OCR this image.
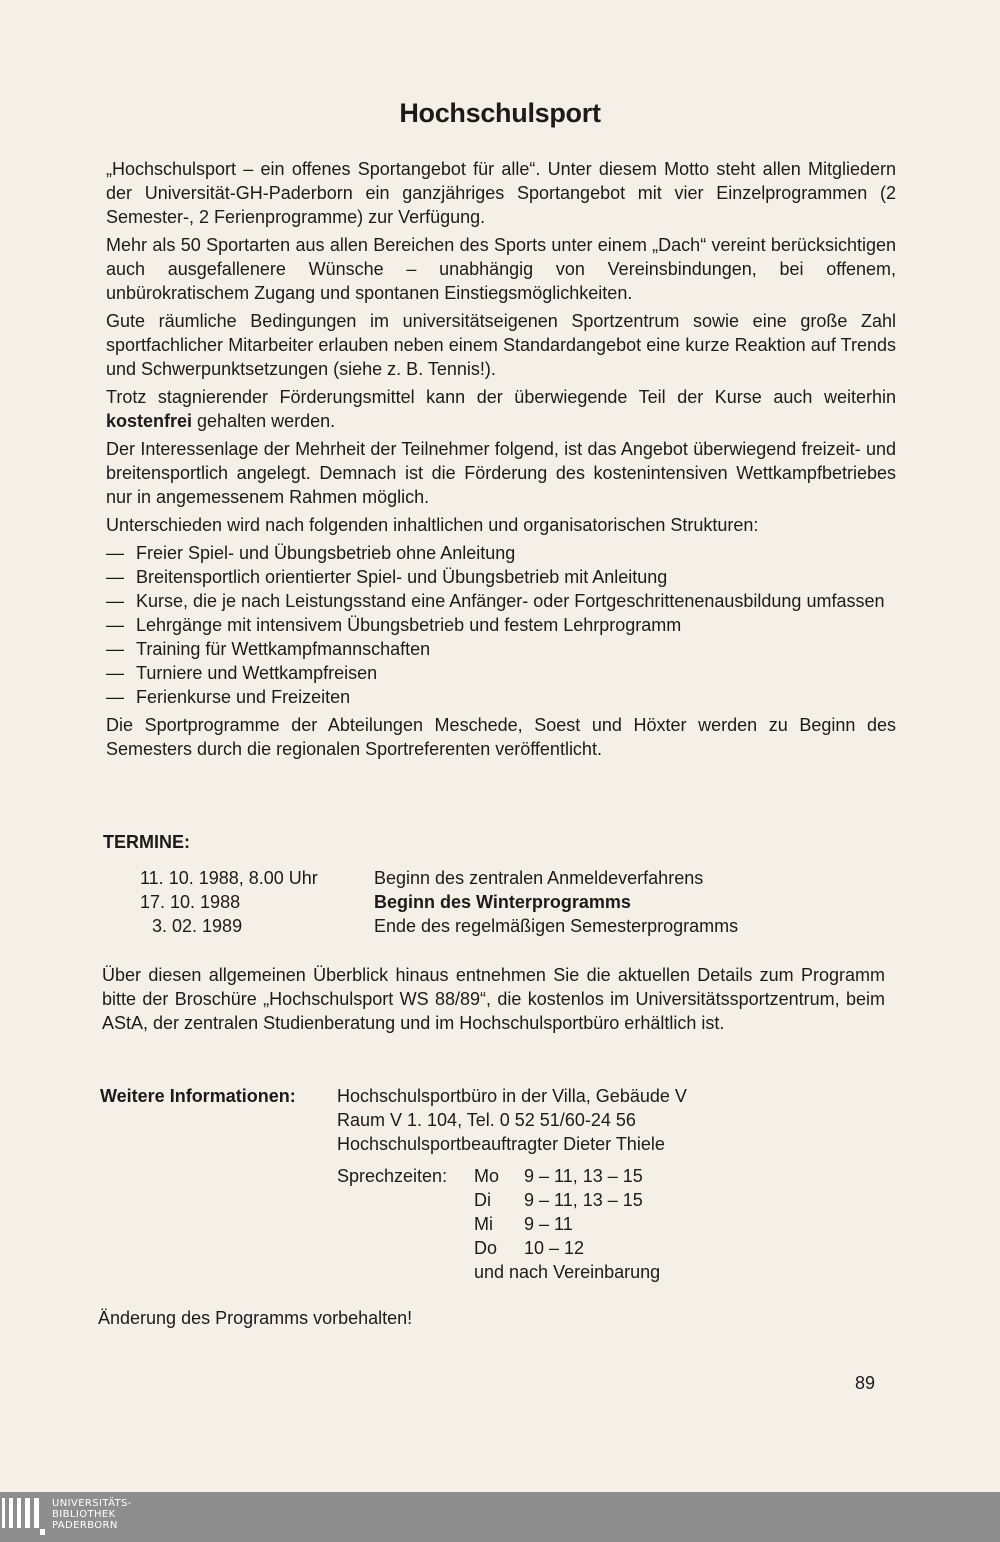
Hochschulsport

„Hochschulsport – ein offenes Sportangebot für alle“. Unter diesem Motto steht allen Mitgliedern der Universität-GH-Paderborn ein ganzjähriges Sportangebot mit vier Einzelprogrammen (2 Semester-, 2 Ferienprogramme) zur Verfügung.

Mehr als 50 Sportarten aus allen Bereichen des Sports unter einem „Dach“ vereint berücksichtigen auch ausgefallenere Wünsche – unabhängig von Vereinsbindungen, bei offenem, unbürokratischem Zugang und spontanen Einstiegsmöglichkeiten.

Gute räumliche Bedingungen im universitätseigenen Sportzentrum sowie eine große Zahl sportfachlicher Mitarbeiter erlauben neben einem Standardangebot eine kurze Reaktion auf Trends und Schwerpunktsetzungen (siehe z. B. Tennis!).

Trotz stagnierender Förderungsmittel kann der überwiegende Teil der Kurse auch weiterhin kostenfrei gehalten werden.

Der Interessenlage der Mehrheit der Teilnehmer folgend, ist das Angebot überwiegend freizeit- und breitensportlich angelegt. Demnach ist die Förderung des kostenintensiven Wettkampfbetriebes nur in angemessenem Rahmen möglich.

Unterschieden wird nach folgenden inhaltlichen und organisatorischen Strukturen:

— Freier Spiel- und Übungsbetrieb ohne Anleitung
— Breitensportlich orientierter Spiel- und Übungsbetrieb mit Anleitung
— Kurse, die je nach Leistungsstand eine Anfänger- oder Fortgeschrittenenausbildung umfassen
— Lehrgänge mit intensivem Übungsbetrieb und festem Lehrprogramm
— Training für Wettkampfmannschaften
— Turniere und Wettkampfreisen
— Ferienkurse und Freizeiten

Die Sportprogramme der Abteilungen Meschede, Soest und Höxter werden zu Beginn des Semesters durch die regionalen Sportreferenten veröffentlicht.

TERMINE:
11. 10. 1988, 8.00 Uhr	Beginn des zentralen Anmeldeverfahrens
17. 10. 1988	Beginn des Winterprogramms
3. 02. 1989	Ende des regelmäßigen Semesterprogramms
Über diesen allgemeinen Überblick hinaus entnehmen Sie die aktuellen Details zum Programm bitte der Broschüre „Hochschulsport WS 88/89“, die kostenlos im Universitätssportzentrum, beim AStA, der zentralen Studienberatung und im Hochschulsportbüro erhältlich ist.
Weitere Informationen: Hochschulsportbüro in der Villa, Gebäude V
Raum V 1. 104, Tel. 0 52 51/60-24 56
Hochschulsportbeauftragter Dieter Thiele
Sprechzeiten: Mo	9 – 11, 13 – 15
Di	9 – 11, 13 – 15
Mi	9 – 11
Do	10 – 12
und nach Vereinbarung
Änderung des Programms vorbehalten!
89
UNIVERSITÄTS-
BIBLIOTHEK
PADERBORN
